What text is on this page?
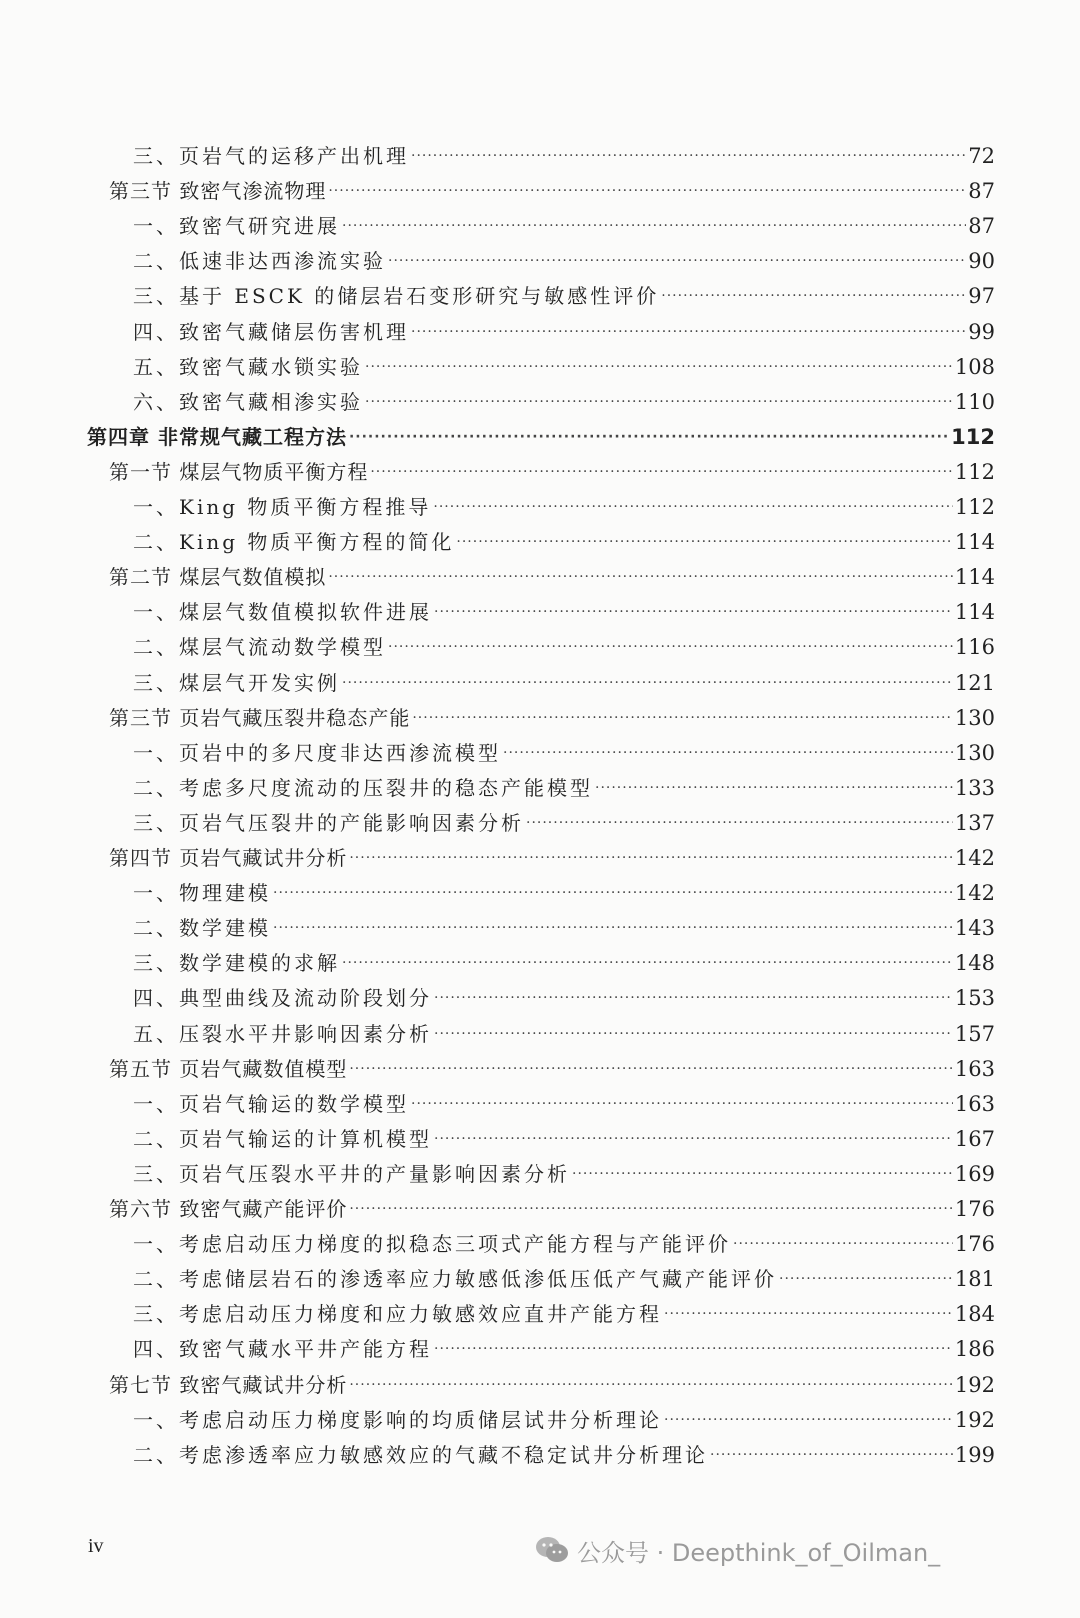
三、页岩气的运移产出机理 ·····	72
第三节 致密气渗流物理 ·····	87
一、致密气研究进展 ·····	87
二、低速非达西渗流实验 ·····	90
三、基于 ESCK 的储层岩石变形研究与敏感性评价 ·····	97
四、致密气藏储层伤害机理 ·····	99
五、致密气藏水锁实验 ·····	108
六、致密气藏相渗实验 ·····	110
第四章 非常规气藏工程方法 ·····	112
第一节 煤层气物质平衡方程 ·····	112
一、King 物质平衡方程推导 ·····	112
二、King 物质平衡方程的简化 ·····	114
第二节 煤层气数值模拟 ·····	114
一、煤层气数值模拟软件进展 ·····	114
二、煤层气流动数学模型 ·····	116
三、煤层气开发实例 ·····	121
第三节 页岩气藏压裂井稳态产能 ·····	130
一、页岩中的多尺度非达西渗流模型 ·····	130
二、考虑多尺度流动的压裂井的稳态产能模型 ·····	133
三、页岩气压裂井的产能影响因素分析 ·····	137
第四节 页岩气藏试井分析 ·····	142
一、物理建模 ·····	142
二、数学建模 ·····	143
三、数学建模的求解 ·····	148
四、典型曲线及流动阶段划分 ·····	153
五、压裂水平井影响因素分析 ·····	157
第五节 页岩气藏数值模型 ·····	163
一、页岩气输运的数学模型 ·····	163
二、页岩气输运的计算机模型 ·····	167
三、页岩气压裂水平井的产量影响因素分析 ·····	169
第六节 致密气藏产能评价 ·····	176
一、考虑启动压力梯度的拟稳态三项式产能方程与产能评价 ·····	176
二、考虑储层岩石的渗透率应力敏感低渗低压低产气藏产能评价 ·····	181
三、考虑启动压力梯度和应力敏感效应直井产能方程 ·····	184
四、致密气藏水平井产能方程 ·····	186
第七节 致密气藏试井分析 ·····	192
一、考虑启动压力梯度影响的均质储层试井分析理论 ·····	192
二、考虑渗透率应力敏感效应的气藏不稳定试井分析理论 ·····	199
iv	公众号 · Deepthink_of_Oilman_
